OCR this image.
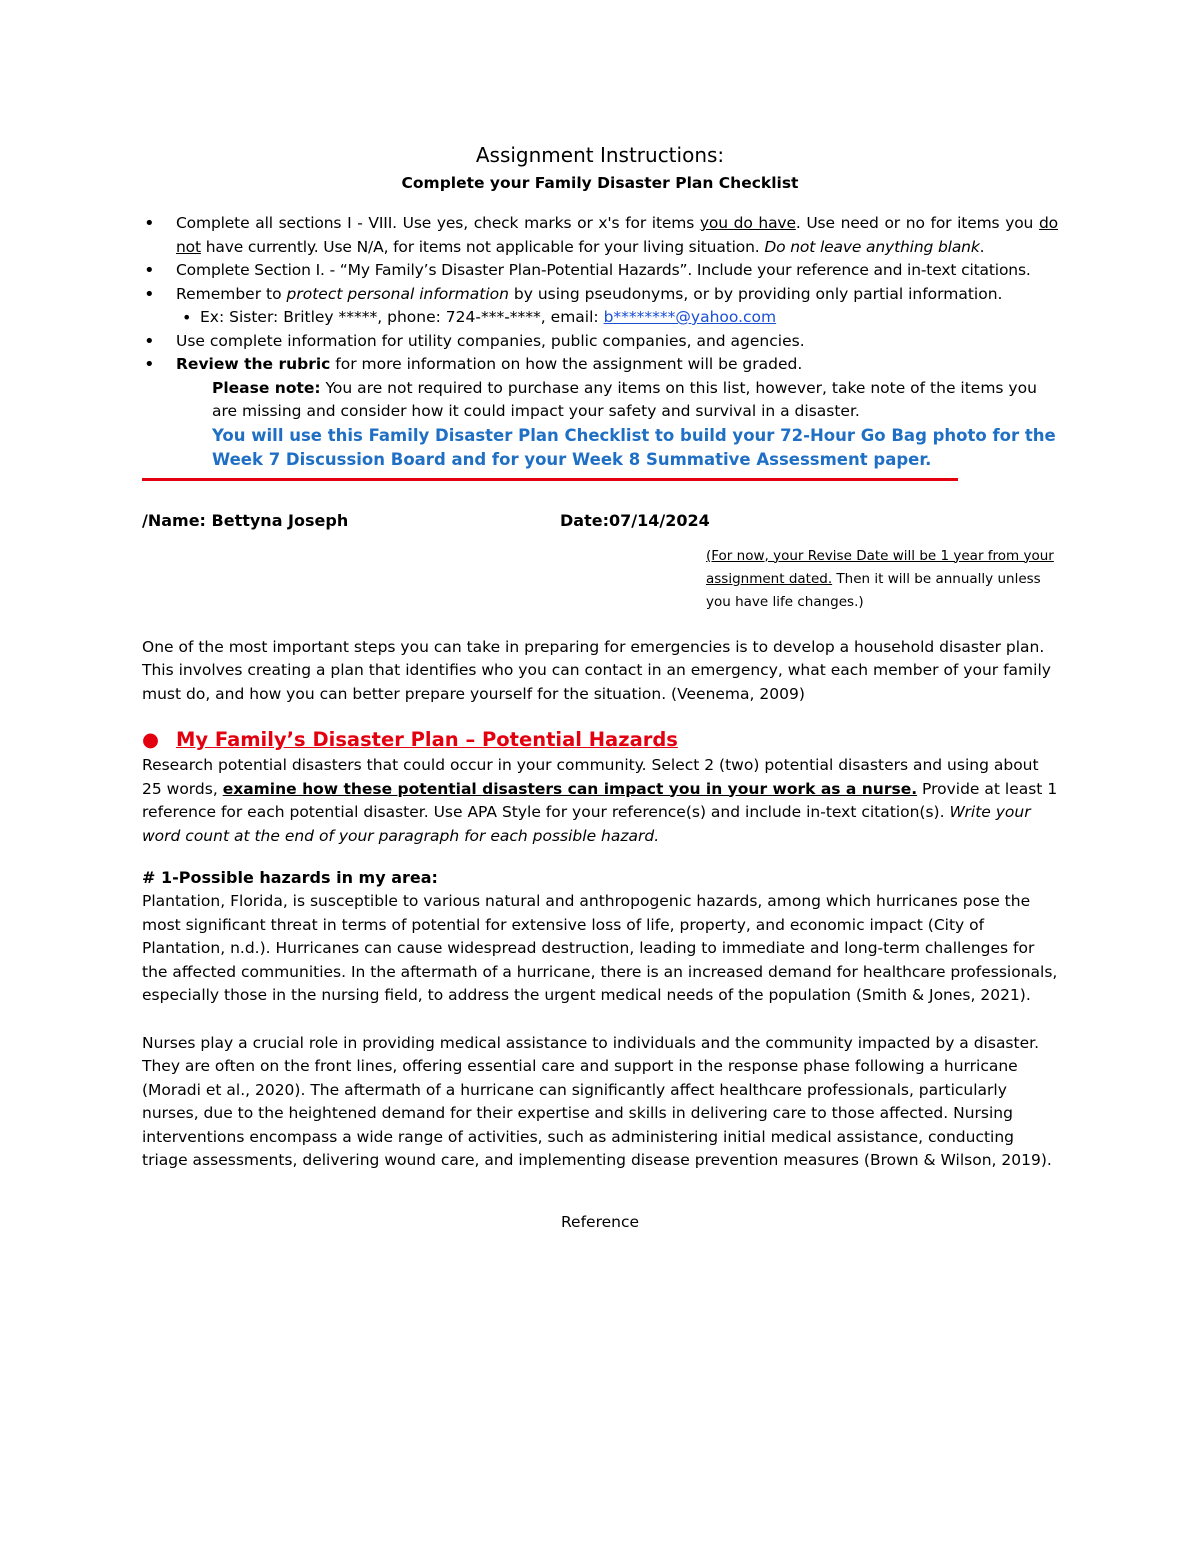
Assignment Instructions:
Complete your Family Disaster Plan Checklist
• Complete all sections I - VIII. Use yes, check marks or x's for items you do have. Use need or no for items you do not have currently. Use N/A, for items not applicable for your living situation. Do not leave anything blank.
• Complete Section I. - “My Family’s Disaster Plan-Potential Hazards”. Include your reference and in-text citations.
• Remember to protect personal information by using pseudonyms, or by providing only partial information.
• Ex: Sister: Britley *****, phone: 724-***-****, email: b********@yahoo.com
• Use complete information for utility companies, public companies, and agencies.
• Review the rubric for more information on how the assignment will be graded.
Please note: You are not required to purchase any items on this list, however, take note of the items you are missing and consider how it could impact your safety and survival in a disaster.
You will use this Family Disaster Plan Checklist to build your 72-Hour Go Bag photo for the Week 7 Discussion Board and for your Week 8 Summative Assessment paper.
/Name: Bettyna Joseph	Date:07/14/2024
(For now, your Revise Date will be 1 year from your assignment dated. Then it will be annually unless you have life changes.)

One of the most important steps you can take in preparing for emergencies is to develop a household disaster plan. This involves creating a plan that identifies who you can contact in an emergency, what each member of your family must do, and how you can better prepare yourself for the situation. (Veenema, 2009)

● My Family’s Disaster Plan – Potential Hazards

Research potential disasters that could occur in your community. Select 2 (two) potential disasters and using about 25 words, examine how these potential disasters can impact you in your work as a nurse. Provide at least 1 reference for each potential disaster. Use APA Style for your reference(s) and include in-text citation(s). Write your word count at the end of your paragraph for each possible hazard.

# 1-Possible hazards in my area:

Plantation, Florida, is susceptible to various natural and anthropogenic hazards, among which hurricanes pose the most significant threat in terms of potential for extensive loss of life, property, and economic impact (City of Plantation, n.d.). Hurricanes can cause widespread destruction, leading to immediate and long-term challenges for the affected communities. In the aftermath of a hurricane, there is an increased demand for healthcare professionals, especially those in the nursing field, to address the urgent medical needs of the population (Smith & Jones, 2021).

Nurses play a crucial role in providing medical assistance to individuals and the community impacted by a disaster. They are often on the front lines, offering essential care and support in the response phase following a hurricane (Moradi et al., 2020). The aftermath of a hurricane can significantly affect healthcare professionals, particularly nurses, due to the heightened demand for their expertise and skills in delivering care to those affected. Nursing interventions encompass a wide range of activities, such as administering initial medical assistance, conducting triage assessments, delivering wound care, and implementing disease prevention measures (Brown & Wilson, 2019).

Reference
